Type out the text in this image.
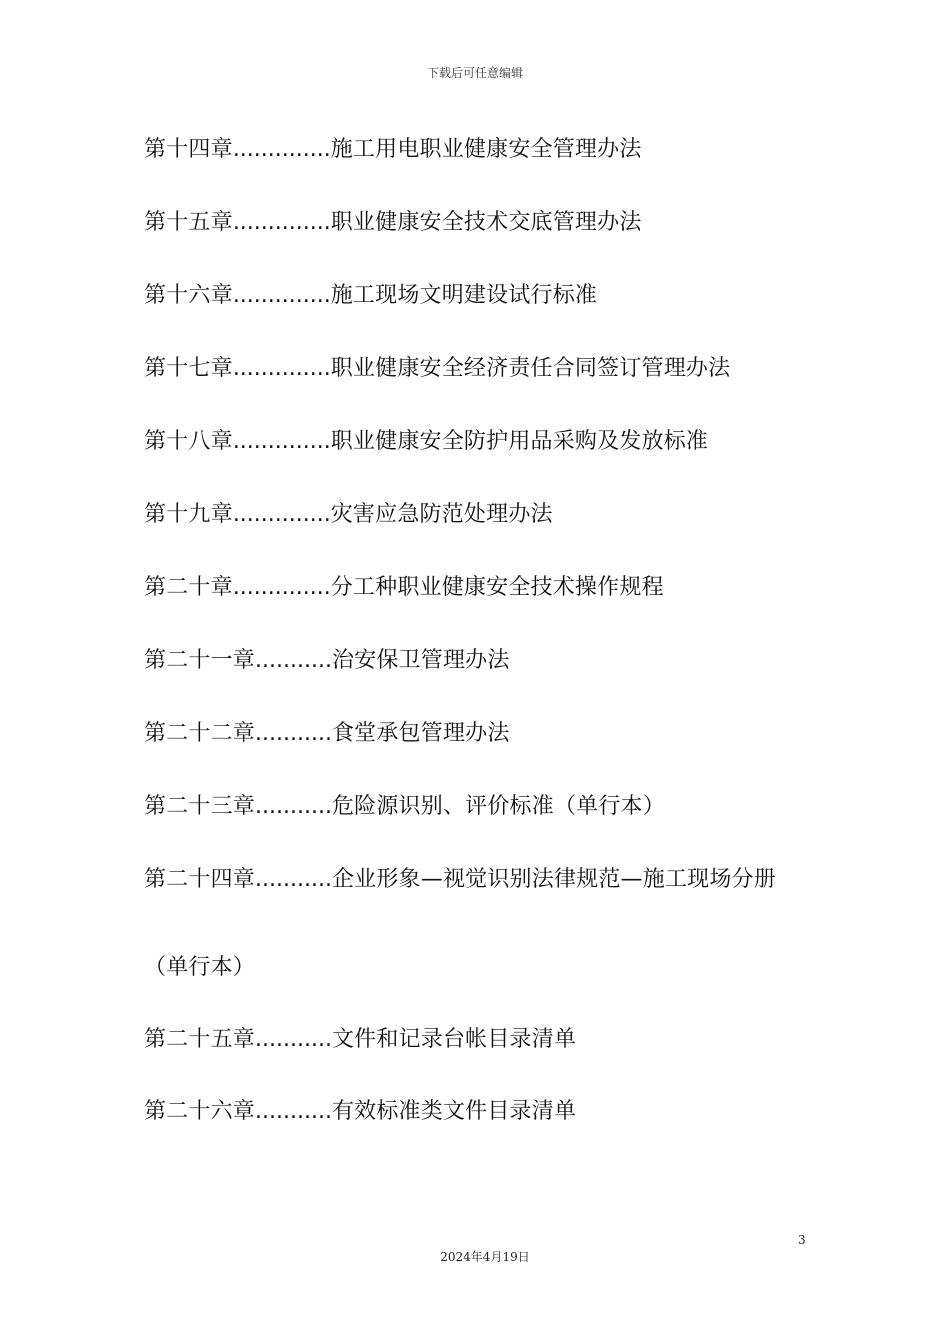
下载后可任意编辑
第十四章..............施工用电职业健康安全管理办法
第十五章..............职业健康安全技术交底管理办法
第十六章..............施工现场文明建设试行标准
第十七章..............职业健康安全经济责任合同签订管理办法
第十八章..............职业健康安全防护用品采购及发放标准
第十九章..............灾害应急防范处理办法
第二十章..............分工种职业健康安全技术操作规程
第二十一章...........治安保卫管理办法
第二十二章...........食堂承包管理办法
第二十三章...........危险源识别、评价标准（单行本）
第二十四章...........企业形象—视觉识别法律规范—施工现场分册
（单行本）
第二十五章...........文件和记录台帐目录清单
第二十六章...........有效标准类文件目录清单
3
2024年4月19日
